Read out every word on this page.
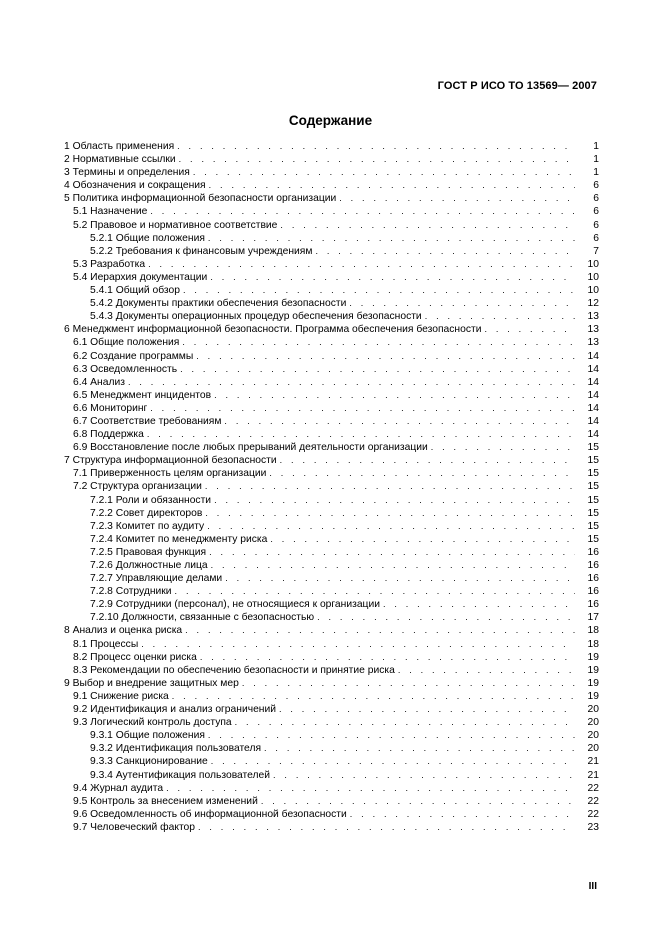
ГОСТ Р ИСО ТО 13569— 2007
Содержание
1 Область применения . . .	1
2 Нормативные ссылки . . .	1
3 Термины и определения . . .	1
4 Обозначения и сокращения . . .	6
5 Политика информационной безопасности организации . . .	6
5.1 Назначение . . .	6
5.2 Правовое и нормативное соответствие . . .	6
5.2.1 Общие положения . . .	6
5.2.2 Требования к финансовым учреждениям . . .	7
5.3 Разработка . . .	10
5.4 Иерархия документации . . .	10
5.4.1 Общий обзор . . .	10
5.4.2 Документы практики обеспечения безопасности . . .	12
5.4.3 Документы операционных процедур обеспечения безопасности . . .	13
6 Менеджмент информационной безопасности. Программа обеспечения безопасности . . .	13
6.1 Общие положения . . .	13
6.2 Создание программы . . .	14
6.3 Осведомленность . . .	14
6.4 Анализ . . .	14
6.5 Менеджмент инцидентов . . .	14
6.6 Мониторинг . . .	14
6.7 Соответствие требованиям . . .	14
6.8 Поддержка . . .	14
6.9 Восстановление после любых прерываний деятельности организации . . .	15
7 Структура информационной безопасности . . .	15
7.1 Приверженность целям организации . . .	15
7.2 Структура организации . . .	15
7.2.1 Роли и обязанности . . .	15
7.2.2 Совет директоров . . .	15
7.2.3 Комитет по аудиту . . .	15
7.2.4 Комитет по менеджменту риска . . .	15
7.2.5 Правовая функция . . .	16
7.2.6 Должностные лица . . .	16
7.2.7 Управляющие делами . . .	16
7.2.8 Сотрудники . . .	16
7.2.9 Сотрудники (персонал), не относящиеся к организации . . .	16
7.2.10 Должности, связанные с безопасностью . . .	17
8 Анализ и оценка риска . . .	18
8.1 Процессы . . .	18
8.2 Процесс оценки риска . . .	19
8.3 Рекомендации по обеспечению безопасности и принятие риска . . .	19
9 Выбор и внедрение защитных мер . . .	19
9.1 Снижение риска . . .	19
9.2 Идентификация и анализ ограничений . . .	20
9.3 Логический контроль доступа . . .	20
9.3.1 Общие положения . . .	20
9.3.2 Идентификация пользователя . . .	20
9.3.3 Санкционирование . . .	21
9.3.4 Аутентификация пользователей . . .	21
9.4 Журнал аудита . . .	22
9.5 Контроль за внесением изменений . . .	22
9.6 Осведомленность об информационной безопасности . . .	22
9.7 Человеческий фактор . . .	23
III
